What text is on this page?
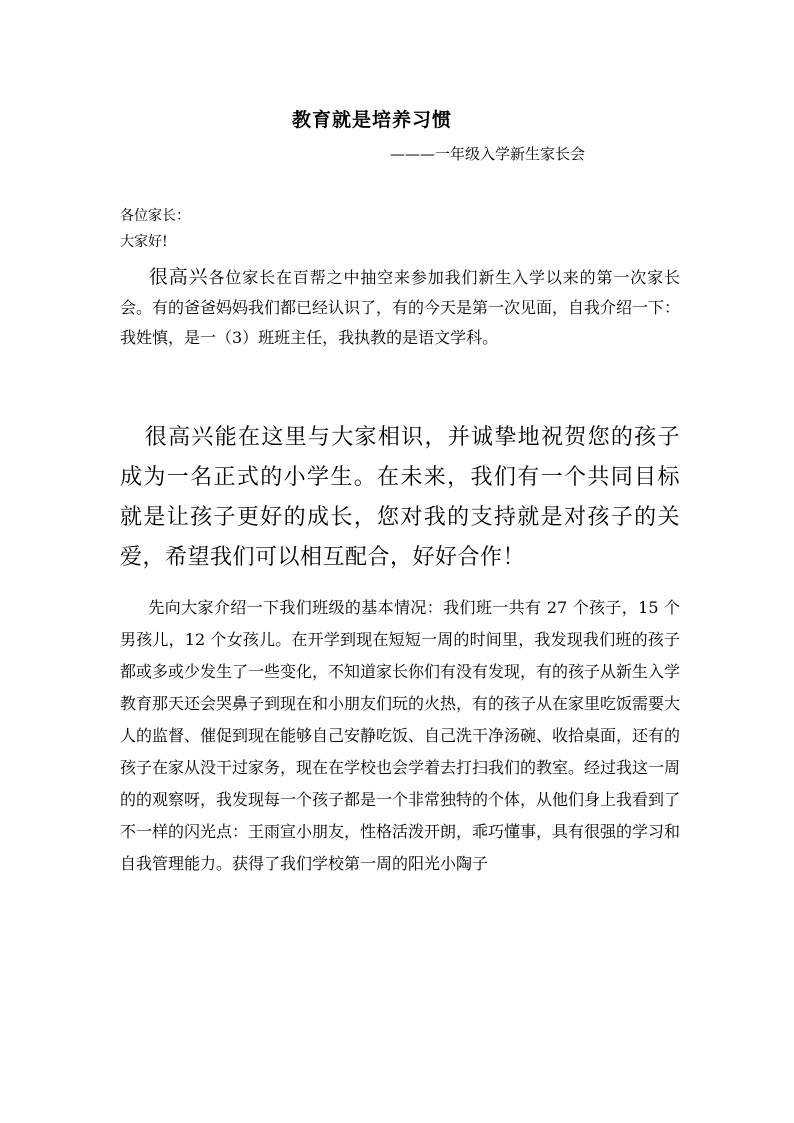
教育就是培养习惯
———一年级入学新生家长会
各位家长：
大家好!

很高兴各位家长在百帮之中抽空来参加我们新生入学以来的第一次家长会。有的爸爸妈妈我们都已经认识了，有的今天是第一次见面，自我介绍一下：我姓慎，是一（3）班班主任，我执教的是语文学科。

很高兴能在这里与大家相识，并诚挚地祝贺您的孩子成为一名正式的小学生。在未来，我们有一个共同目标就是让孩子更好的成长，您对我的支持就是对孩子的关爱，希望我们可以相互配合，好好合作！

先向大家介绍一下我们班级的基本情况：我们班一共有 27 个孩子，15 个男孩儿，12 个女孩儿。在开学到现在短短一周的时间里，我发现我们班的孩子都或多或少发生了一些变化，不知道家长你们有没有发现，有的孩子从新生入学教育那天还会哭鼻子到现在和小朋友们玩的火热，有的孩子从在家里吃饭需要大人的监督、催促到现在能够自己安静吃饭、自己洗干净汤碗、收拾桌面，还有的孩子在家从没干过家务，现在在学校也会学着去打扫我们的教室。经过我这一周的的观察呀，我发现每一个孩子都是一个非常独特的个体，从他们身上我看到了不一样的闪光点：王雨宣小朋友，性格活泼开朗，乖巧懂事，具有很强的学习和自我管理能力。获得了我们学校第一周的阳光小陶子
